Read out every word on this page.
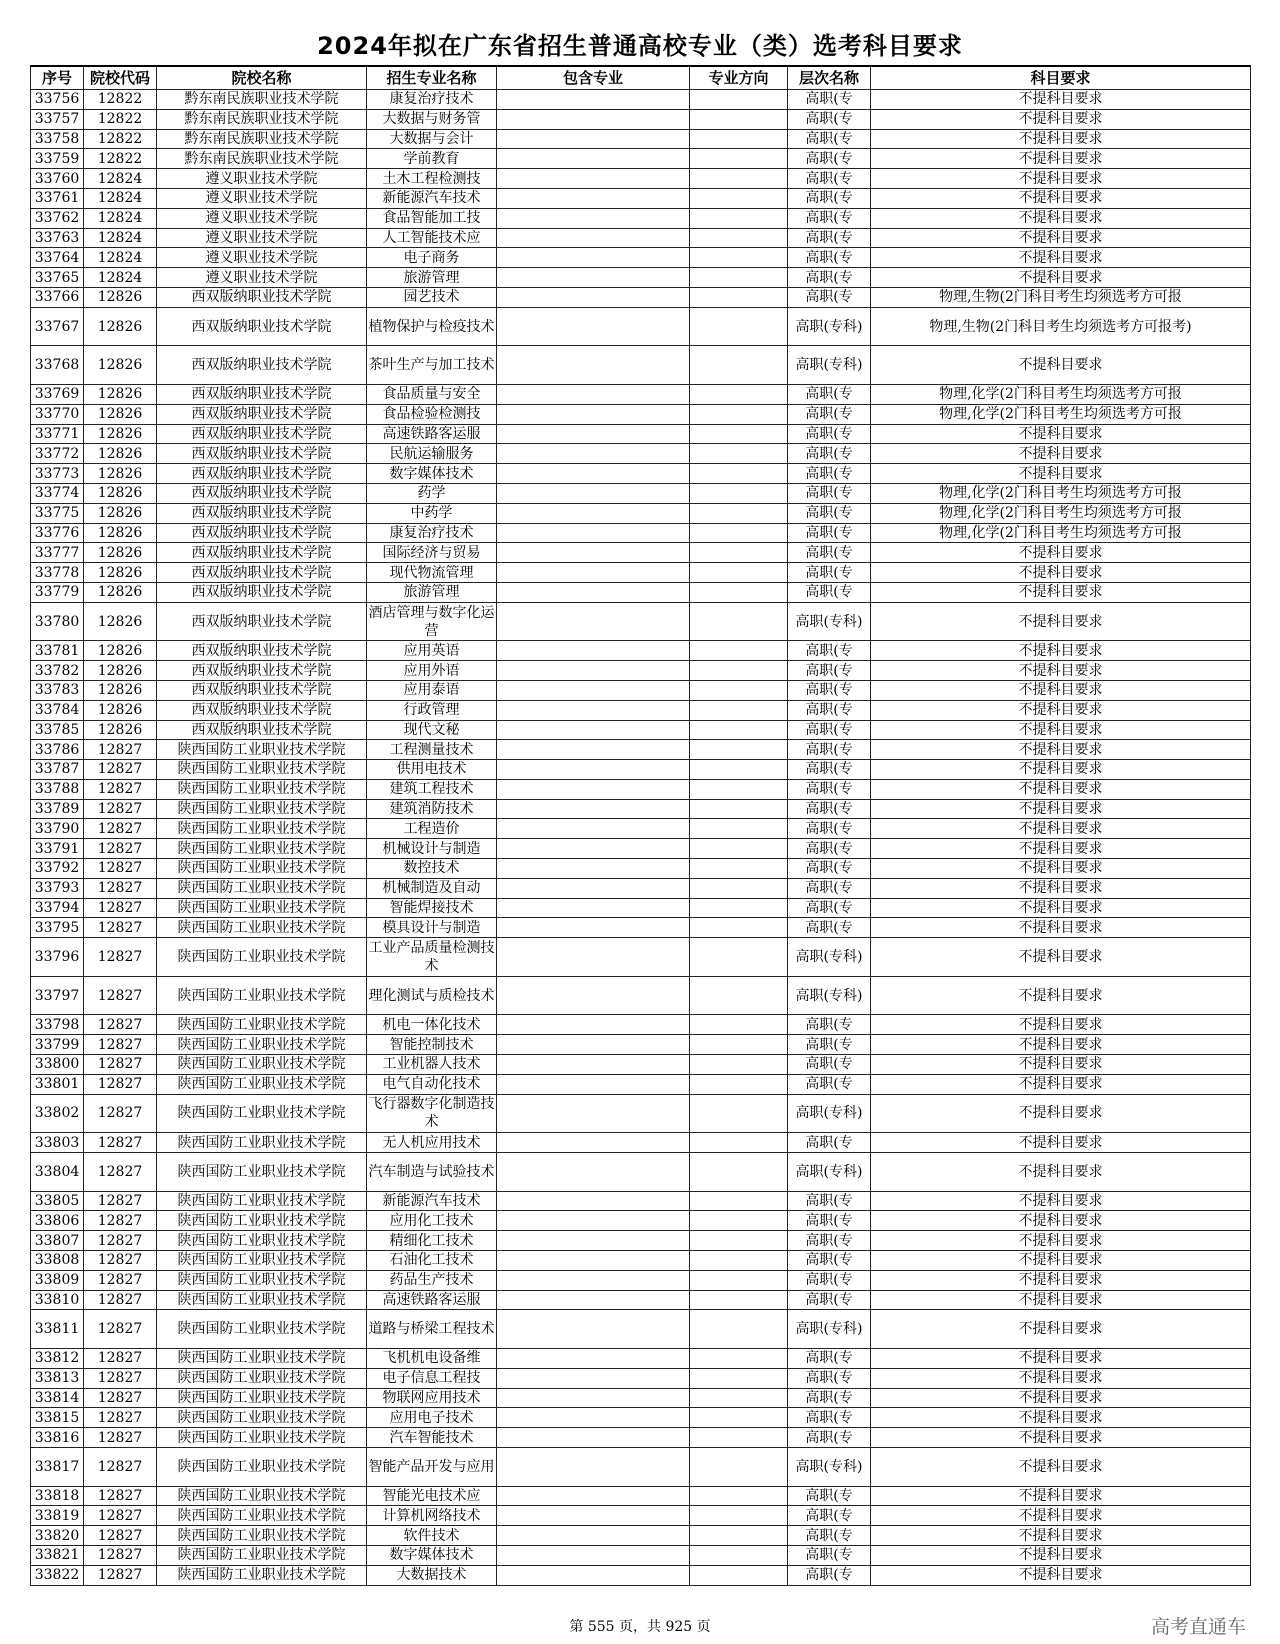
2024年拟在广东省招生普通高校专业（类）选考科目要求
序号	院校代码	院校名称	招生专业名称	包含专业	专业方向	层次名称	科目要求
33756	12822	黔东南民族职业技术学院	康复治疗技术			高职(专	不提科目要求
33757	12822	黔东南民族职业技术学院	大数据与财务管			高职(专	不提科目要求
33758	12822	黔东南民族职业技术学院	大数据与会计			高职(专	不提科目要求
33759	12822	黔东南民族职业技术学院	学前教育			高职(专	不提科目要求
33760	12824	遵义职业技术学院	土木工程检测技			高职(专	不提科目要求
33761	12824	遵义职业技术学院	新能源汽车技术			高职(专	不提科目要求
33762	12824	遵义职业技术学院	食品智能加工技			高职(专	不提科目要求
33763	12824	遵义职业技术学院	人工智能技术应			高职(专	不提科目要求
33764	12824	遵义职业技术学院	电子商务			高职(专	不提科目要求
33765	12824	遵义职业技术学院	旅游管理			高职(专	不提科目要求
33766	12826	西双版纳职业技术学院	园艺技术			高职(专	物理,生物(2门科目考生均须选考方可报
33767	12826	西双版纳职业技术学院	植物保护与检疫技术			高职(专科)	物理,生物(2门科目考生均须选考方可报考)
33768	12826	西双版纳职业技术学院	茶叶生产与加工技术			高职(专科)	不提科目要求
33769	12826	西双版纳职业技术学院	食品质量与安全			高职(专	物理,化学(2门科目考生均须选考方可报
33770	12826	西双版纳职业技术学院	食品检验检测技			高职(专	物理,化学(2门科目考生均须选考方可报
33771	12826	西双版纳职业技术学院	高速铁路客运服			高职(专	不提科目要求
33772	12826	西双版纳职业技术学院	民航运输服务			高职(专	不提科目要求
33773	12826	西双版纳职业技术学院	数字媒体技术			高职(专	不提科目要求
33774	12826	西双版纳职业技术学院	药学			高职(专	物理,化学(2门科目考生均须选考方可报
33775	12826	西双版纳职业技术学院	中药学			高职(专	物理,化学(2门科目考生均须选考方可报
33776	12826	西双版纳职业技术学院	康复治疗技术			高职(专	物理,化学(2门科目考生均须选考方可报
33777	12826	西双版纳职业技术学院	国际经济与贸易			高职(专	不提科目要求
33778	12826	西双版纳职业技术学院	现代物流管理			高职(专	不提科目要求
33779	12826	西双版纳职业技术学院	旅游管理			高职(专	不提科目要求
33780	12826	西双版纳职业技术学院	酒店管理与数字化运营			高职(专科)	不提科目要求
33781	12826	西双版纳职业技术学院	应用英语			高职(专	不提科目要求
33782	12826	西双版纳职业技术学院	应用外语			高职(专	不提科目要求
33783	12826	西双版纳职业技术学院	应用泰语			高职(专	不提科目要求
33784	12826	西双版纳职业技术学院	行政管理			高职(专	不提科目要求
33785	12826	西双版纳职业技术学院	现代文秘			高职(专	不提科目要求
33786	12827	陕西国防工业职业技术学院	工程测量技术			高职(专	不提科目要求
33787	12827	陕西国防工业职业技术学院	供用电技术			高职(专	不提科目要求
33788	12827	陕西国防工业职业技术学院	建筑工程技术			高职(专	不提科目要求
33789	12827	陕西国防工业职业技术学院	建筑消防技术			高职(专	不提科目要求
33790	12827	陕西国防工业职业技术学院	工程造价			高职(专	不提科目要求
33791	12827	陕西国防工业职业技术学院	机械设计与制造			高职(专	不提科目要求
33792	12827	陕西国防工业职业技术学院	数控技术			高职(专	不提科目要求
33793	12827	陕西国防工业职业技术学院	机械制造及自动			高职(专	不提科目要求
33794	12827	陕西国防工业职业技术学院	智能焊接技术			高职(专	不提科目要求
33795	12827	陕西国防工业职业技术学院	模具设计与制造			高职(专	不提科目要求
33796	12827	陕西国防工业职业技术学院	工业产品质量检测技术			高职(专科)	不提科目要求
33797	12827	陕西国防工业职业技术学院	理化测试与质检技术			高职(专科)	不提科目要求
33798	12827	陕西国防工业职业技术学院	机电一体化技术			高职(专	不提科目要求
33799	12827	陕西国防工业职业技术学院	智能控制技术			高职(专	不提科目要求
33800	12827	陕西国防工业职业技术学院	工业机器人技术			高职(专	不提科目要求
33801	12827	陕西国防工业职业技术学院	电气自动化技术			高职(专	不提科目要求
33802	12827	陕西国防工业职业技术学院	飞行器数字化制造技术			高职(专科)	不提科目要求
33803	12827	陕西国防工业职业技术学院	无人机应用技术			高职(专	不提科目要求
33804	12827	陕西国防工业职业技术学院	汽车制造与试验技术			高职(专科)	不提科目要求
33805	12827	陕西国防工业职业技术学院	新能源汽车技术			高职(专	不提科目要求
33806	12827	陕西国防工业职业技术学院	应用化工技术			高职(专	不提科目要求
33807	12827	陕西国防工业职业技术学院	精细化工技术			高职(专	不提科目要求
33808	12827	陕西国防工业职业技术学院	石油化工技术			高职(专	不提科目要求
33809	12827	陕西国防工业职业技术学院	药品生产技术			高职(专	不提科目要求
33810	12827	陕西国防工业职业技术学院	高速铁路客运服			高职(专	不提科目要求
33811	12827	陕西国防工业职业技术学院	道路与桥梁工程技术			高职(专科)	不提科目要求
33812	12827	陕西国防工业职业技术学院	飞机机电设备维			高职(专	不提科目要求
33813	12827	陕西国防工业职业技术学院	电子信息工程技			高职(专	不提科目要求
33814	12827	陕西国防工业职业技术学院	物联网应用技术			高职(专	不提科目要求
33815	12827	陕西国防工业职业技术学院	应用电子技术			高职(专	不提科目要求
33816	12827	陕西国防工业职业技术学院	汽车智能技术			高职(专	不提科目要求
33817	12827	陕西国防工业职业技术学院	智能产品开发与应用			高职(专科)	不提科目要求
33818	12827	陕西国防工业职业技术学院	智能光电技术应			高职(专	不提科目要求
33819	12827	陕西国防工业职业技术学院	计算机网络技术			高职(专	不提科目要求
33820	12827	陕西国防工业职业技术学院	软件技术			高职(专	不提科目要求
33821	12827	陕西国防工业职业技术学院	数字媒体技术			高职(专	不提科目要求
33822	12827	陕西国防工业职业技术学院	大数据技术			高职(专	不提科目要求
第 555 页，共 925 页	高考直通车
